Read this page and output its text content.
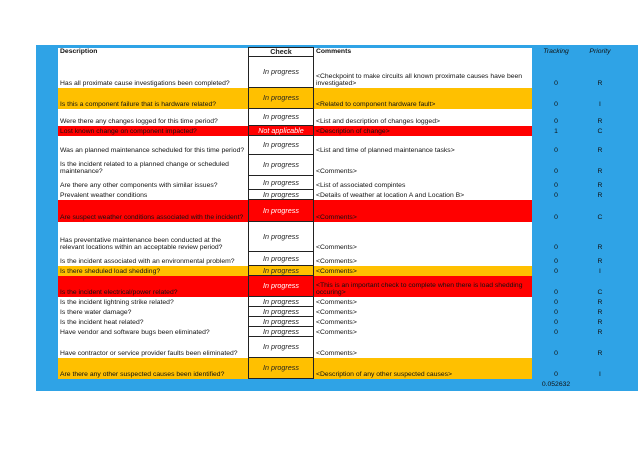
Description	Check	Comments	Tracking	Priority
Has all proximate cause investigations been completed?	In progress	<Checkpoint to make circuits all known proximate causes have been investigated>	0	R
Is this a component failure that is hardware related?	In progress	<Related to component hardware fault>	0	I
Were there any changes logged for this time period?	In progress	<List and description of changes logged>	0	R
Lost known change on component impacted?	Not applicable	<Description of change>	1	C
Was an planned maintenance scheduled for this time period?	In progress	<List and time of planned maintenance tasks>	0	R
Is the incident related to a planned change or scheduled maintenance?	In progress	<Comments>	0	R
Are there any other components with similar issues?	In progress	<List of associated compintes	0	R
Prevalent weather conditions	In progress	<Details of weather at location A and Location B>	0	R
Are suspect weather conditions associated with the incident?	In progress	<Comments>	0	C
Has preventative maintenance been conducted at the relevant locations within an acceptable review period?	In progress	<Comments>	0	R
Is the incident associated with an environmental problem?	In progress	<Comments>	0	R
Is there sheduled load shedding?	In progress	<Comments>	0	I
Is the incident electrical/power related?	In progress	<This is an important check to complete when there is load shedding occuring>	0	C
Is the incident lightning strike related?	In progress	<Comments>	0	R
Is there water damage?	In progress	<Comments>	0	R
Is the incident heat related?	In progress	<Comments>	0	R
Have vendor and software bugs been eliminated?	In progress	<Comments>	0	R
Have contractor or service provider faults been eliminated?	In progress	<Comments>	0	R
Are there any other suspected causes been identified?	In progress	<Description of any other suspected causes>	0	I
			0.052632	
